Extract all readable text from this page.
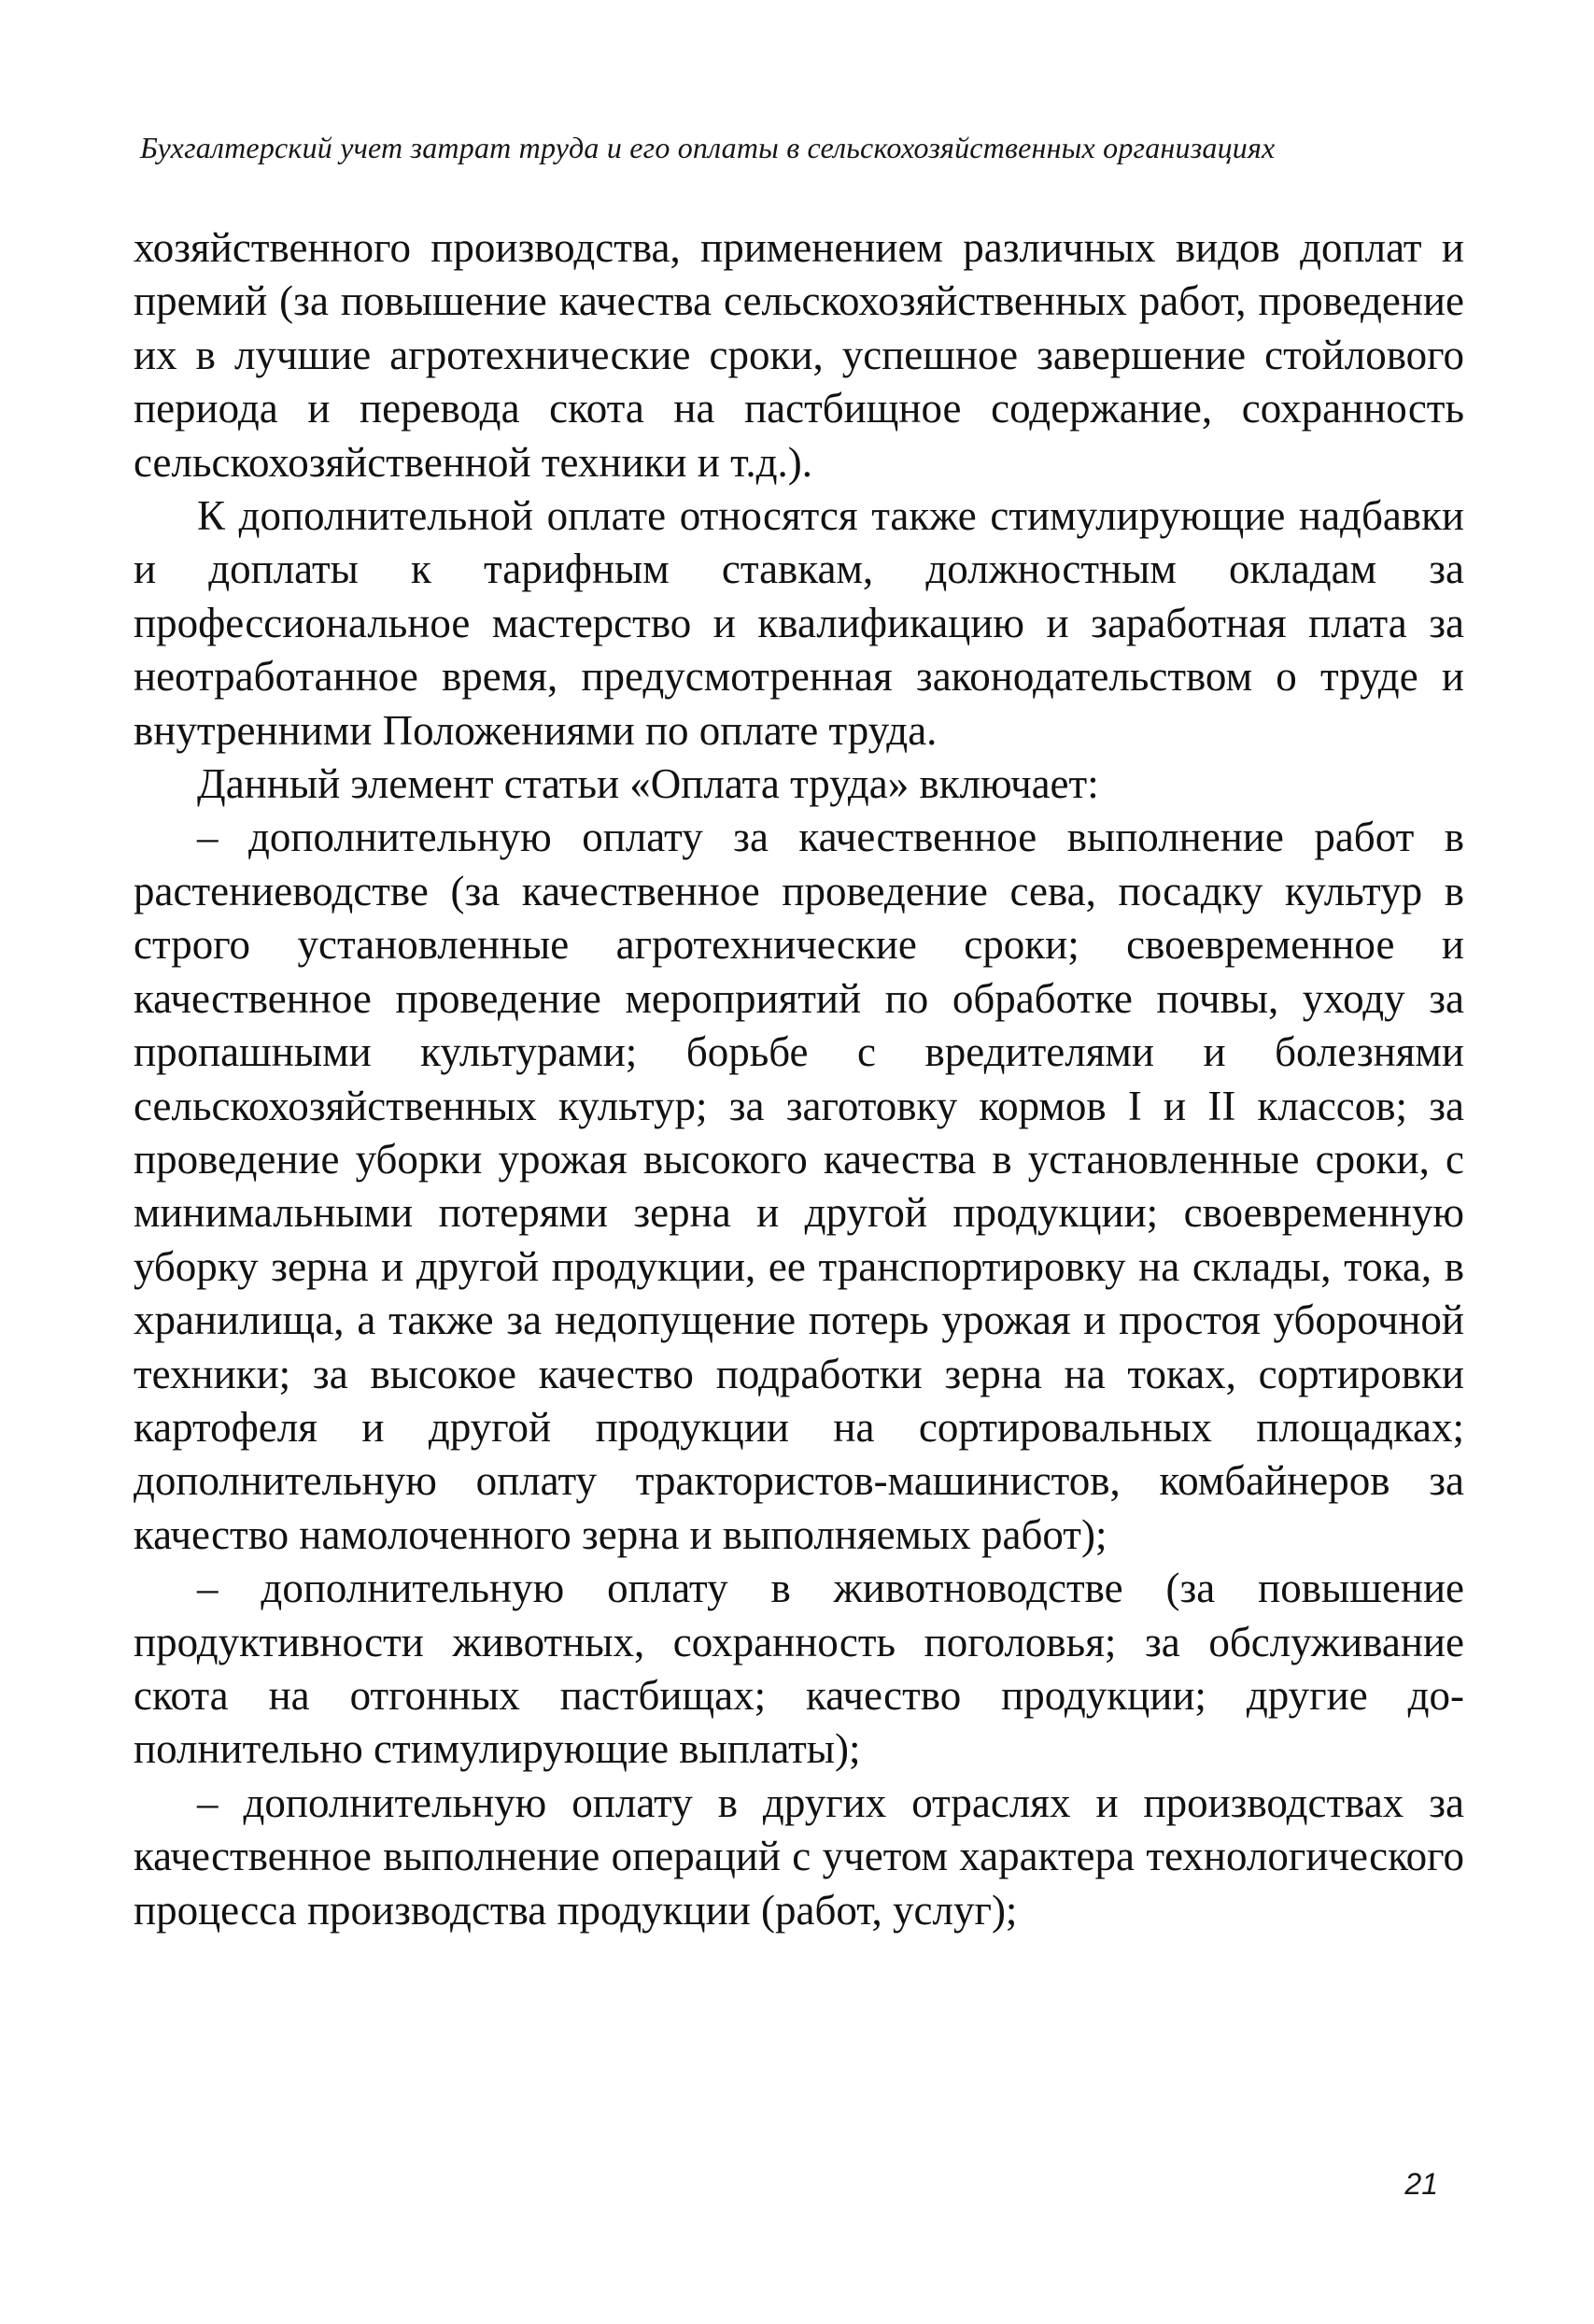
Бухгалтерский учет затрат труда и его оплаты в сельскохозяйственных организациях

хозяйственного производства, применением различных видов доплат и премий (за повышение качества сельскохозяйственных работ, проведение их в лучшие агротехнические сроки, успешное завершение стойлового периода и перевода скота на пастбищное содержание, сохранность сельскохозяйственной техники и т.д.).

К дополнительной оплате относятся также стимулирующие надбавки и доплаты к тарифным ставкам, должностным окладам за профессиональное мастерство и квалификацию и заработная плата за неотработанное время, предусмотренная законодательством о труде и внутренними Положениями по оплате труда.

Данный элемент статьи «Оплата труда» включает:

– дополнительную оплату за качественное выполнение работ в растениеводстве (за качественное проведение сева, посадку культур в строго установленные агротехнические сроки; своевременное и качественное проведение мероприятий по обработке почвы, уходу за пропашными культурами; борьбе с вредителями и болезнями сельскохозяйственных культур; за заготовку кормов I и II классов; за проведение уборки урожая высокого качества в установленные сроки, с минимальными потерями зерна и другой продукции; своевременную уборку зерна и другой продукции, ее транспортировку на склады, тока, в хранилища, а также за недопущение потерь урожая и простоя уборочной техники; за высокое качество подработки зерна на токах, сортировки картофеля и другой продукции на сортировальных площадках; дополнительную оплату трактористов-машинистов, комбайнеров за качество намолоченного зерна и выполняемых работ);

– дополнительную оплату в животноводстве (за повышение продуктивности животных, сохранность поголовья; за обслуживание скота на отгонных пастбищах; качество продукции; другие дополнительно стимулирующие выплаты);

– дополнительную оплату в других отраслях и производствах за качественное выполнение операций с учетом характера технологического процесса производства продукции (работ, услуг);

21
